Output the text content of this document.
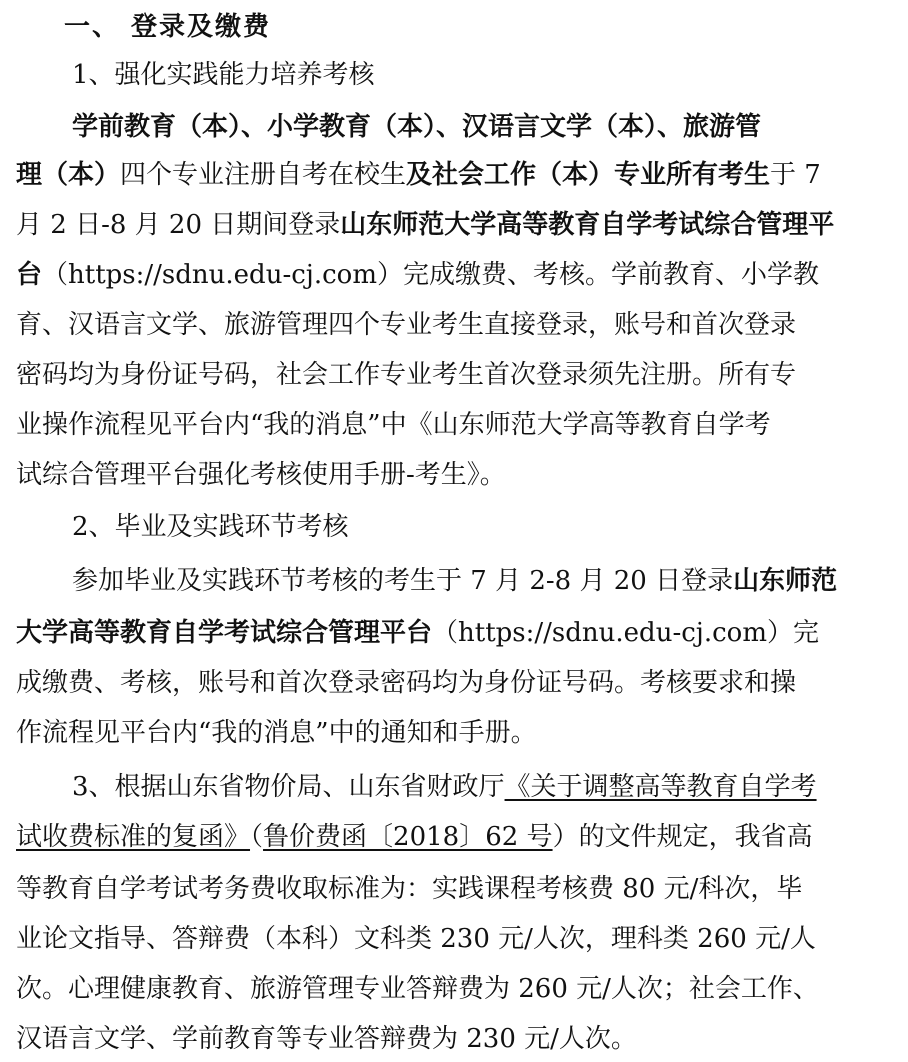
一、 登录及缴费
1、强化实践能力培养考核
学前教育（本）、小学教育（本）、汉语言文学（本）、旅游管
理（本）四个专业注册自考在校生及社会工作（本）专业所有考生于 7
月 2 日-8 月 20 日期间登录山东师范大学高等教育自学考试综合管理平
台（https://sdnu.edu-cj.com）完成缴费、考核。学前教育、小学教
育、汉语言文学、旅游管理四个专业考生直接登录，账号和首次登录
密码均为身份证号码，社会工作专业考生首次登录须先注册。所有专
业操作流程见平台内“我的消息”中《山东师范大学高等教育自学考
试综合管理平台强化考核使用手册-考生》。
2、毕业及实践环节考核
参加毕业及实践环节考核的考生于 7 月 2-8 月 20 日登录山东师范
大学高等教育自学考试综合管理平台（https://sdnu.edu-cj.com）完
成缴费、考核，账号和首次登录密码均为身份证号码。考核要求和操
作流程见平台内“我的消息”中的通知和手册。
3、根据山东省物价局、山东省财政厅《关于调整高等教育自学考
试收费标准的复函》（鲁价费函〔2018〕62 号）的文件规定，我省高
等教育自学考试考务费收取标准为：实践课程考核费 80 元/科次，毕
业论文指导、答辩费（本科）文科类 230 元/人次，理科类 260 元/人
次。心理健康教育、旅游管理专业答辩费为 260 元/人次；社会工作、
汉语言文学、学前教育等专业答辩费为 230 元/人次。
